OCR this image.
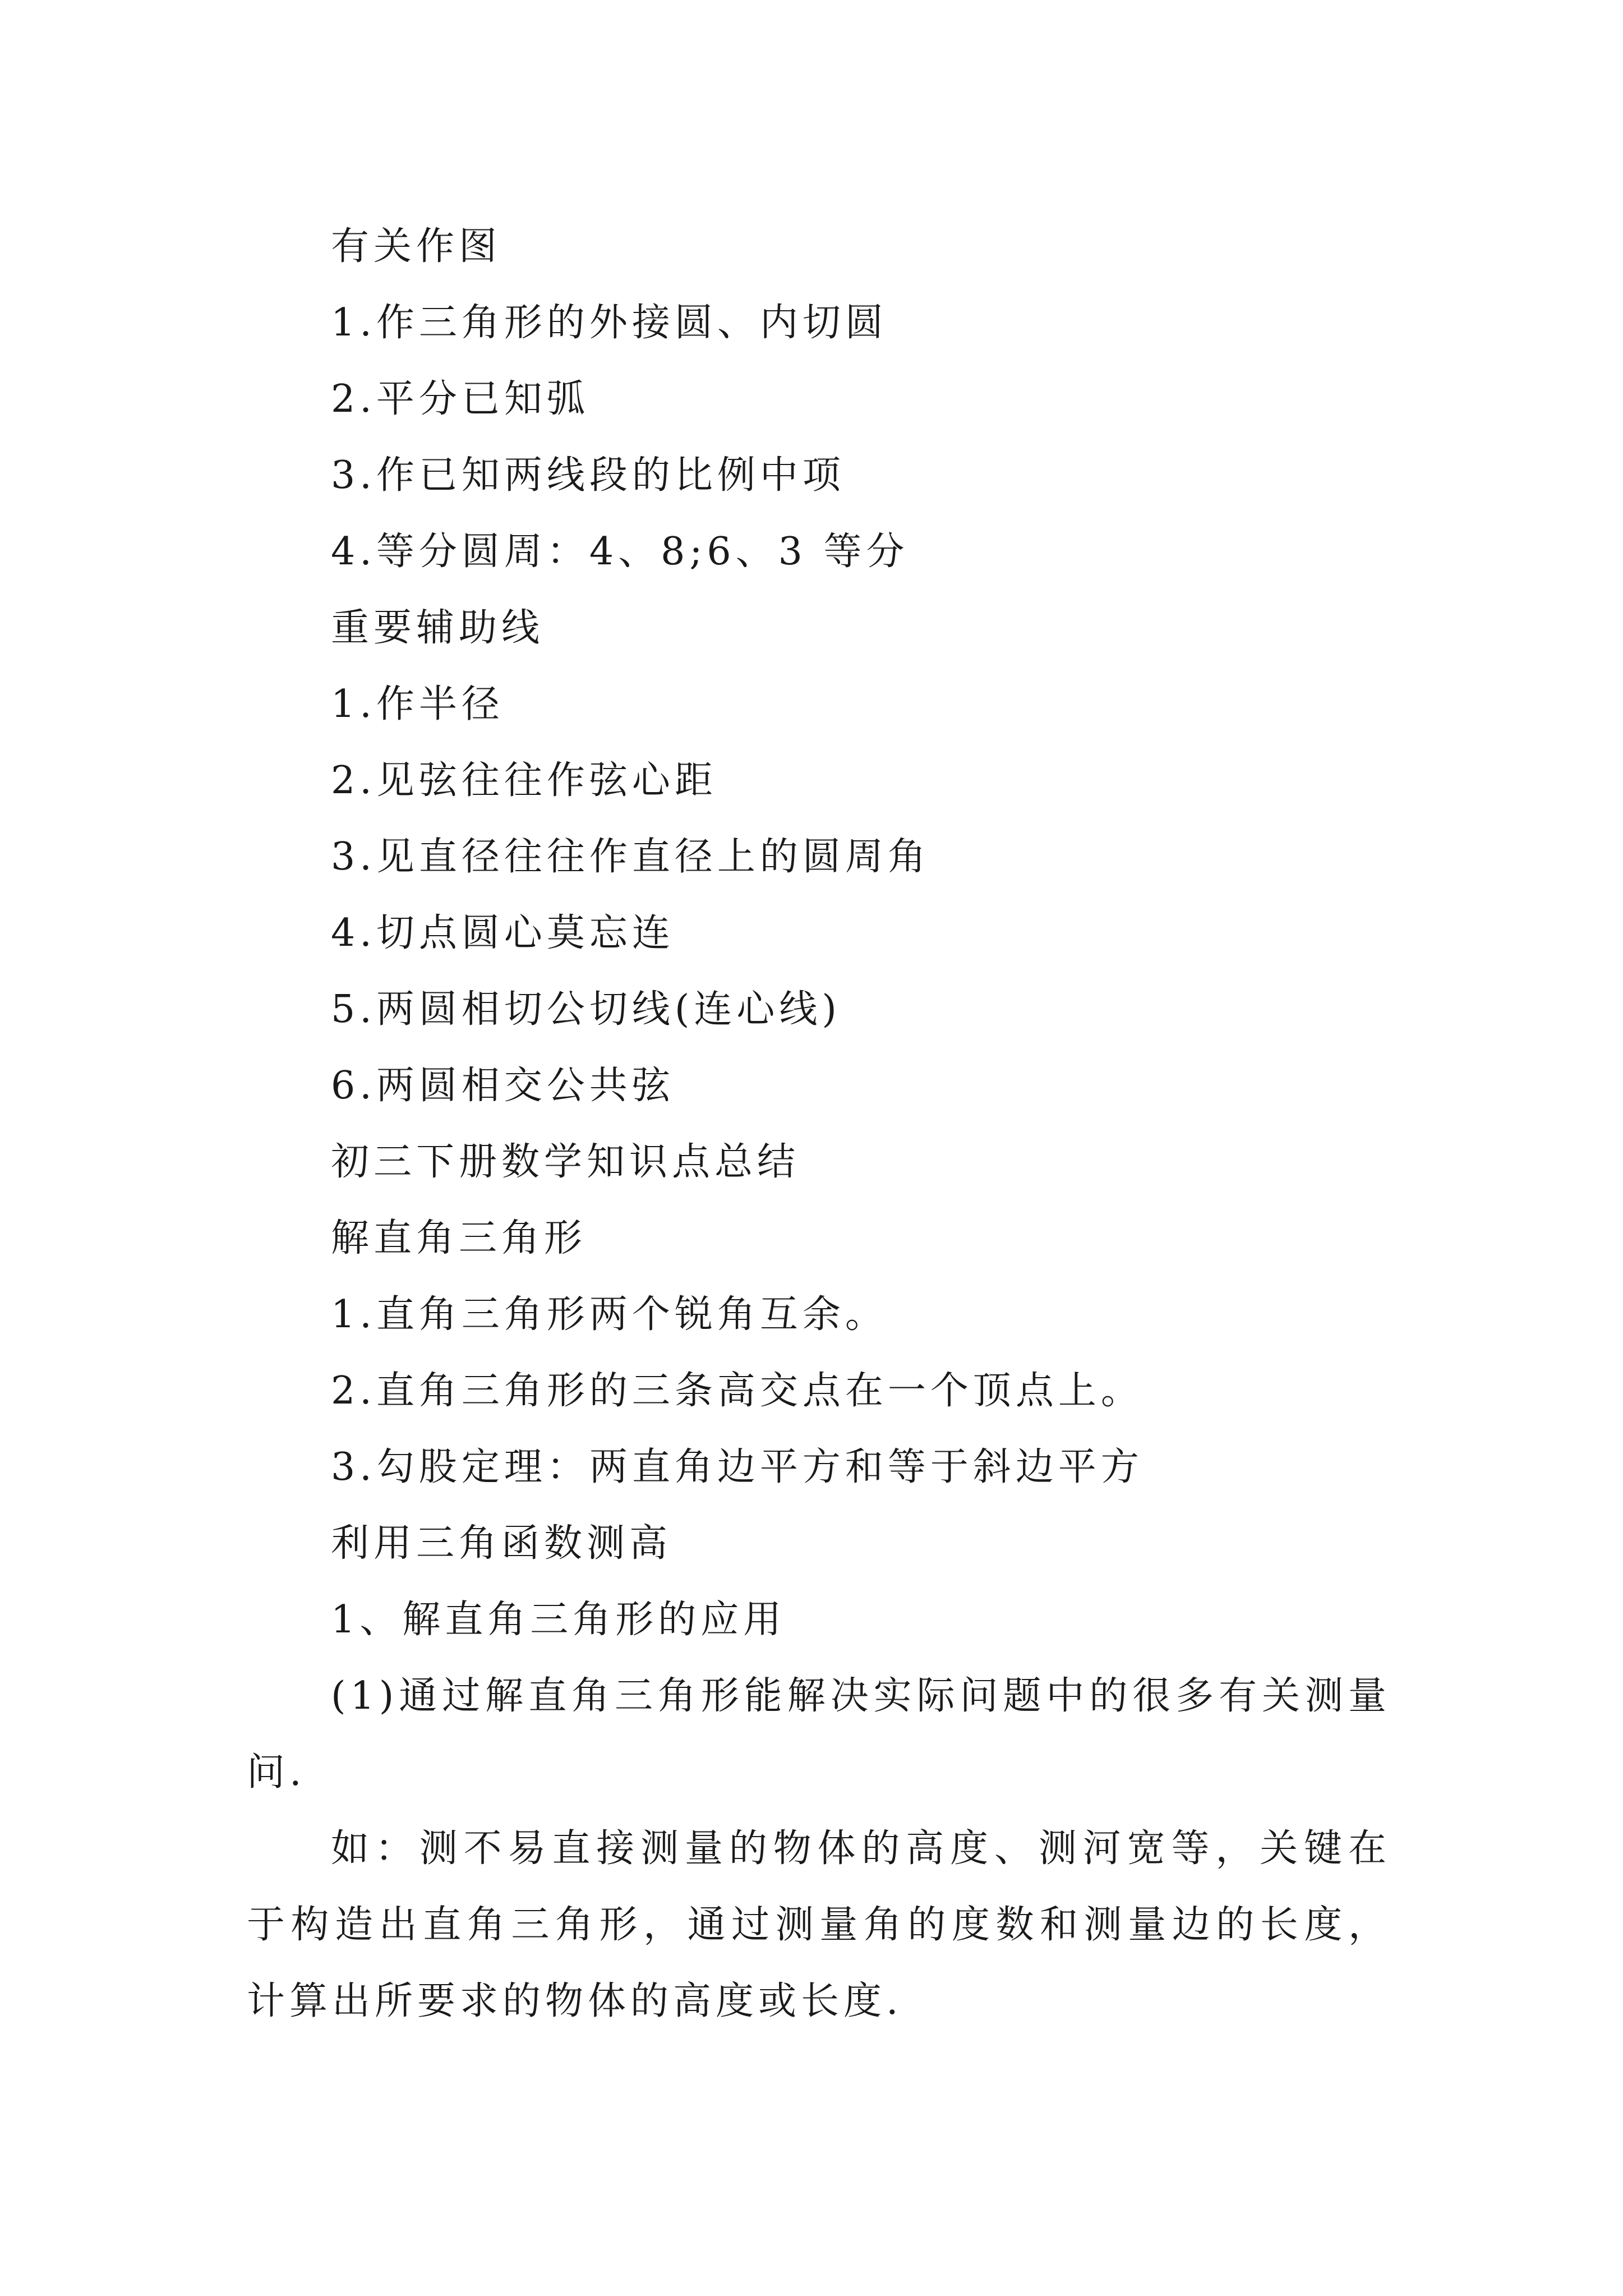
有关作图
1.作三角形的外接圆、内切圆
2.平分已知弧
3.作已知两线段的比例中项
4.等分圆周：4、8;6、3 等分
重要辅助线
1.作半径
2.见弦往往作弦心距
3.见直径往往作直径上的圆周角
4.切点圆心莫忘连
5.两圆相切公切线(连心线)
6.两圆相交公共弦
初三下册数学知识点总结
解直角三角形
1.直角三角形两个锐角互余。
2.直角三角形的三条高交点在一个顶点上。
3.勾股定理：两直角边平方和等于斜边平方
利用三角函数测高
1、解直角三角形的应用
(1)通过解直角三角形能解决实际问题中的很多有关测量问.
如：测不易直接测量的物体的高度、测河宽等，关键在于构造出直角三角形，通过测量角的度数和测量边的长度，计算出所要求的物体的高度或长度.
